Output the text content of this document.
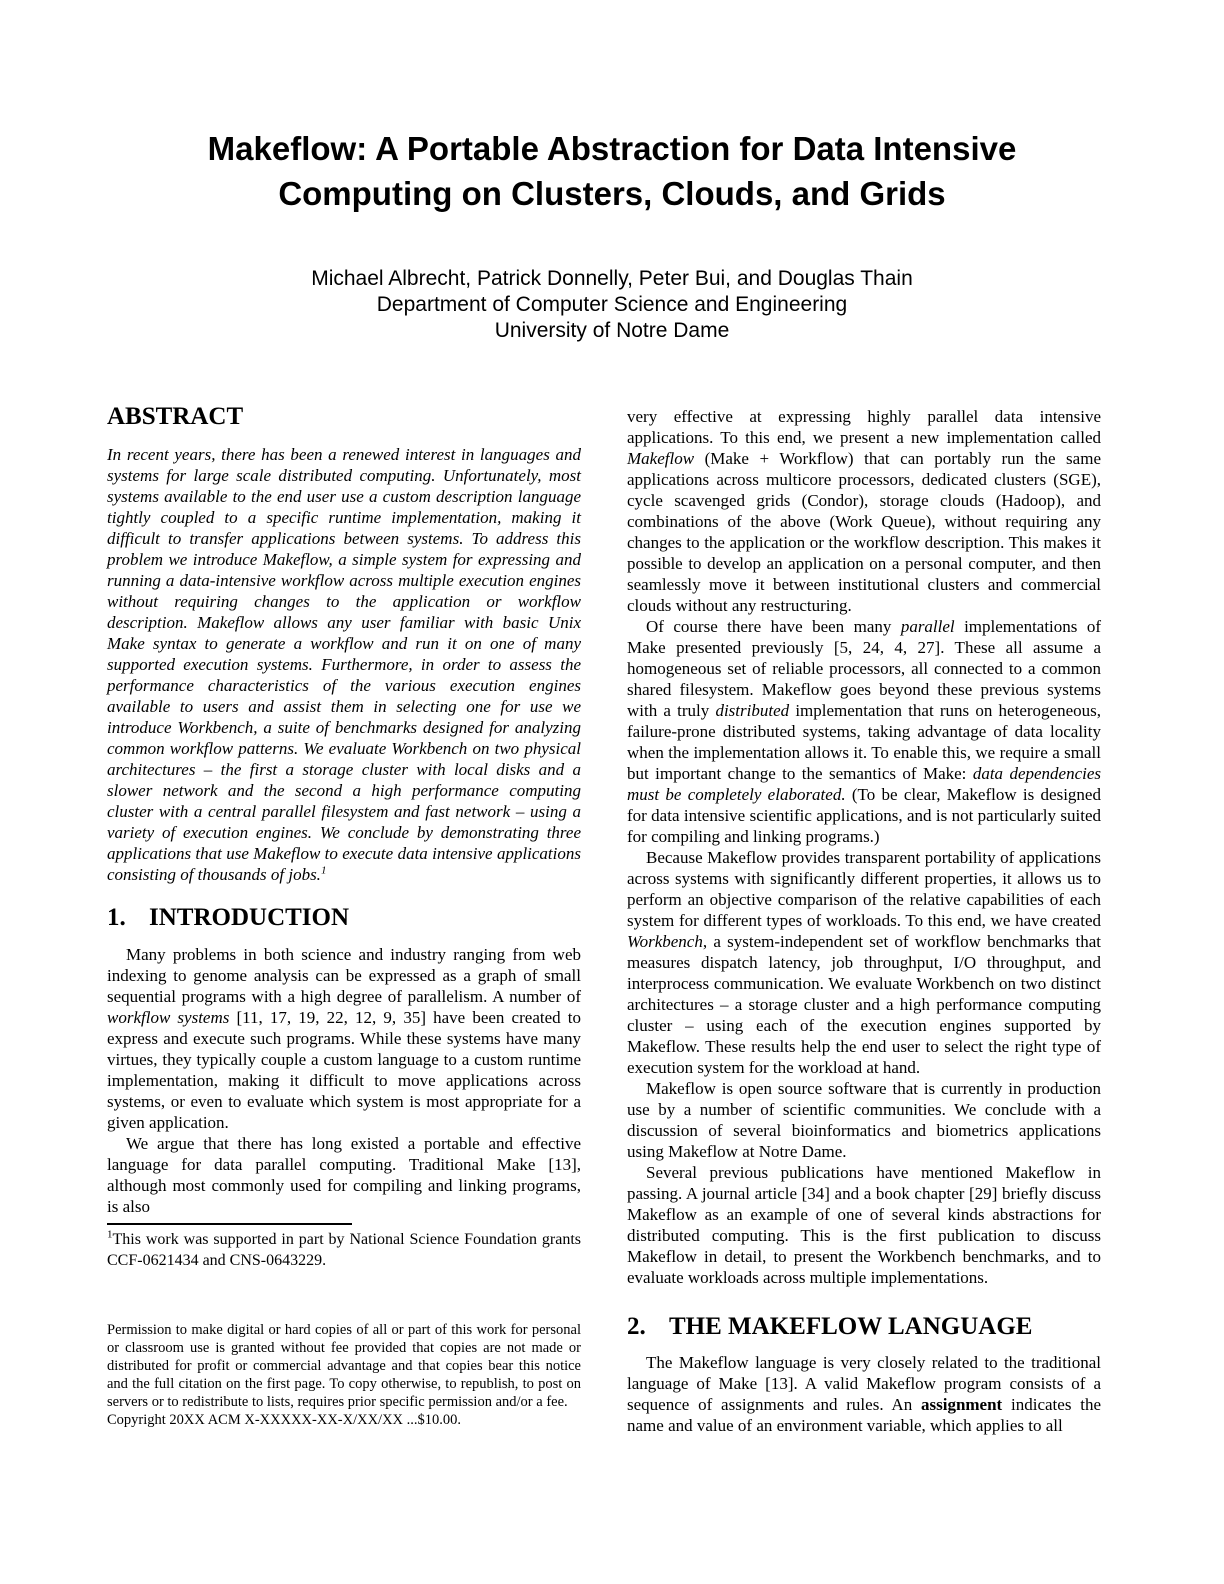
Makeflow: A Portable Abstraction for Data Intensive
Computing on Clusters, Clouds, and Grids
Michael Albrecht, Patrick Donnelly, Peter Bui, and Douglas Thain
Department of Computer Science and Engineering
University of Notre Dame
ABSTRACT

In recent years, there has been a renewed interest in languages and systems for large scale distributed computing. Unfortunately, most systems available to the end user use a custom description language tightly coupled to a specific runtime implementation, making it difficult to transfer applications between systems. To address this problem we introduce Makeflow, a simple system for expressing and running a data-intensive workflow across multiple execution engines without requiring changes to the application or workflow description. Makeflow allows any user familiar with basic Unix Make syntax to generate a workflow and run it on one of many supported execution systems. Furthermore, in order to assess the performance characteristics of the various execution engines available to users and assist them in selecting one for use we introduce Workbench, a suite of benchmarks designed for analyzing common workflow patterns. We evaluate Workbench on two physical architectures – the first a storage cluster with local disks and a slower network and the second a high performance computing cluster with a central parallel filesystem and fast network – using a variety of execution engines. We conclude by demonstrating three applications that use Makeflow to execute data intensive applications consisting of thousands of jobs.$^1$

1. INTRODUCTION

Many problems in both science and industry ranging from web indexing to genome analysis can be expressed as a graph of small sequential programs with a high degree of parallelism. A number of workflow systems [11, 17, 19, 22, 12, 9, 35] have been created to express and execute such programs. While these systems have many virtues, they typically couple a custom language to a custom runtime implementation, making it difficult to move applications across systems, or even to evaluate which system is most appropriate for a given application.

We argue that there has long existed a portable and effective language for data parallel computing. Traditional Make [13], although most commonly used for compiling and linking programs, is also

$^1$This work was supported in part by National Science Foundation grants CCF-0621434 and CNS-0643229.

Permission to make digital or hard copies of all or part of this work for personal or classroom use is granted without fee provided that copies are not made or distributed for profit or commercial advantage and that copies bear this notice and the full citation on the first page. To copy otherwise, to republish, to post on servers or to redistribute to lists, requires prior specific permission and/or a fee.

Copyright 20XX ACM X-XXXXX-XX-X/XX/XX ...$10.00.

very effective at expressing highly parallel data intensive applications. To this end, we present a new implementation called Makeflow (Make + Workflow) that can portably run the same applications across multicore processors, dedicated clusters (SGE), cycle scavenged grids (Condor), storage clouds (Hadoop), and combinations of the above (Work Queue), without requiring any changes to the application or the workflow description. This makes it possible to develop an application on a personal computer, and then seamlessly move it between institutional clusters and commercial clouds without any restructuring.

Of course there have been many parallel implementations of Make presented previously [5, 24, 4, 27]. These all assume a homogeneous set of reliable processors, all connected to a common shared filesystem. Makeflow goes beyond these previous systems with a truly distributed implementation that runs on heterogeneous, failure-prone distributed systems, taking advantage of data locality when the implementation allows it. To enable this, we require a small but important change to the semantics of Make: data dependencies must be completely elaborated. (To be clear, Makeflow is designed for data intensive scientific applications, and is not particularly suited for compiling and linking programs.)

Because Makeflow provides transparent portability of applications across systems with significantly different properties, it allows us to perform an objective comparison of the relative capabilities of each system for different types of workloads. To this end, we have created Workbench, a system-independent set of workflow benchmarks that measures dispatch latency, job throughput, I/O throughput, and interprocess communication. We evaluate Workbench on two distinct architectures – a storage cluster and a high performance computing cluster – using each of the execution engines supported by Makeflow. These results help the end user to select the right type of execution system for the workload at hand.

Makeflow is open source software that is currently in production use by a number of scientific communities. We conclude with a discussion of several bioinformatics and biometrics applications using Makeflow at Notre Dame.

Several previous publications have mentioned Makeflow in passing. A journal article [34] and a book chapter [29] briefly discuss Makeflow as an example of one of several kinds abstractions for distributed computing. This is the first publication to discuss Makeflow in detail, to present the Workbench benchmarks, and to evaluate workloads across multiple implementations.

2. THE MAKEFLOW LANGUAGE

The Makeflow language is very closely related to the traditional language of Make [13]. A valid Makeflow program consists of a sequence of assignments and rules. An assignment indicates the name and value of an environment variable, which applies to all
